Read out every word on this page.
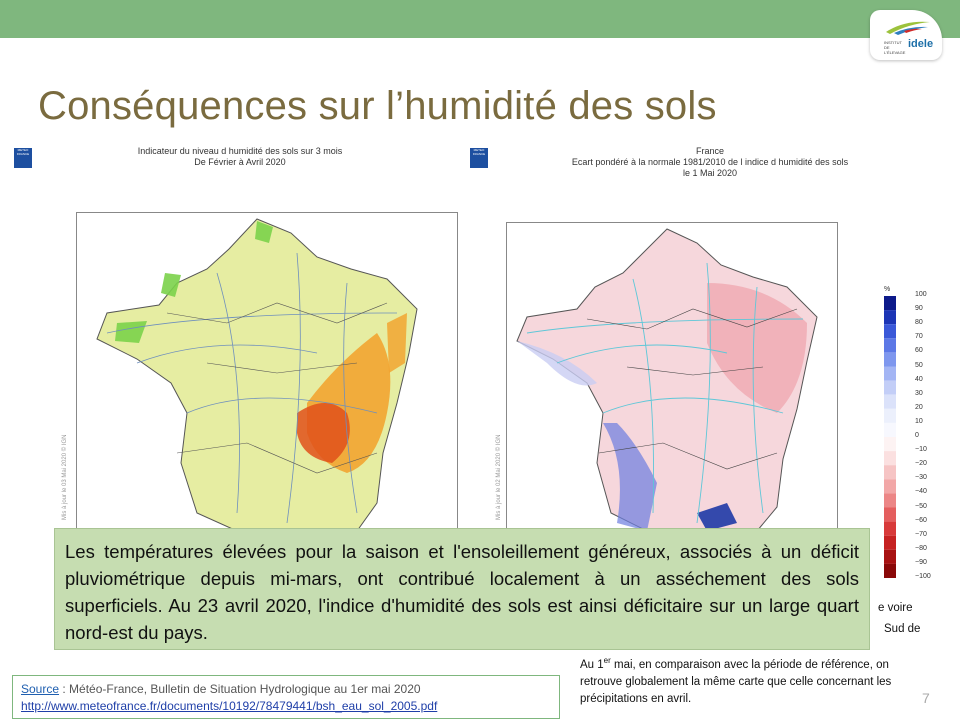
INSTITUT DE L'ÉLEVAGE
idele
Conséquences sur l’humidité des sols
METEO FRANCE	Indicateur du niveau d humidité des sols sur 3 mois
De Février à Avril 2020
Mis à jour le 03 Mai 2020 © IGN
METEO FRANCE	France
Ecart pondéré à la normale 1981/2010 de l indice d humidité des sols
le 1 Mai 2020
Mis à jour le 02 Mai 2020 © IGN
%
100
90
80
70
60
50
40
30
20
10
0
−10
−20
−30
−40
−50
−60
−70
−80
−90
−100
Les températures élevées pour la saison et l'ensoleillement généreux, associés à un déficit pluviométrique depuis mi-mars, ont contribué localement à un asséchement des sols superficiels. Au 23 avril 2020, l'indice d'humidité des sols est ainsi déficitaire sur un large quart nord-est du pays.
e voire
Sud de
Au 1er mai, en comparaison avec la période de référence, on retrouve globalement la même carte que celle concernant les précipitations en avril.
Source : Météo-France, Bulletin de Situation Hydrologique au 1er mai 2020
http://www.meteofrance.fr/documents/10192/78479441/bsh_eau_sol_2005.pdf	7
